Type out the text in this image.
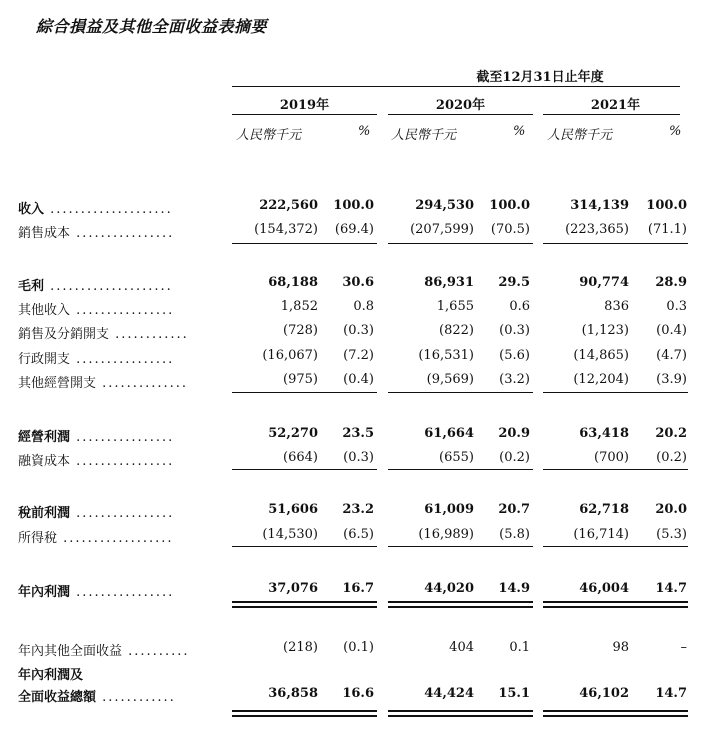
綜合損益及其他全面收益表摘要
截至12月31日止年度
2019年	2020年	2021年
人民幣千元	% 人民幣千元	% 人民幣千元	%
收入 ....................	222,560	100.0	294,530	100.0	314,139	100.0
銷售成本 ................	(154,372)	(69.4)	(207,599)	(70.5)	(223,365)	(71.1)
毛利 ....................	68,188	30.6	86,931	29.5	90,774	28.9
其他收入 ................	1,852	0.8	1,655	0.6	836	0.3
銷售及分銷開支 ............	(728)	(0.3)	(822)	(0.3)	(1,123)	(0.4)
行政開支 ................	(16,067)	(7.2)	(16,531)	(5.6)	(14,865)	(4.7)
其他經營開支 ..............	(975)	(0.4)	(9,569)	(3.2)	(12,204)	(3.9)
經營利潤 ................	52,270	23.5	61,664	20.9	63,418	20.2
融資成本 ................	(664)	(0.3)	(655)	(0.2)	(700)	(0.2)
稅前利潤 ................	51,606	23.2	61,009	20.7	62,718	20.0
所得稅 ..................	(14,530)	(6.5)	(16,989)	(5.8)	(16,714)	(5.3)
年內利潤 ................	37,076	16.7	44,020	14.9	46,004	14.7
年內其他全面收益 ..........	(218)	(0.1)	404	0.1	98	–
年內利潤及
全面收益總額 ............	36,858	16.6	44,424	15.1	46,102	14.7
